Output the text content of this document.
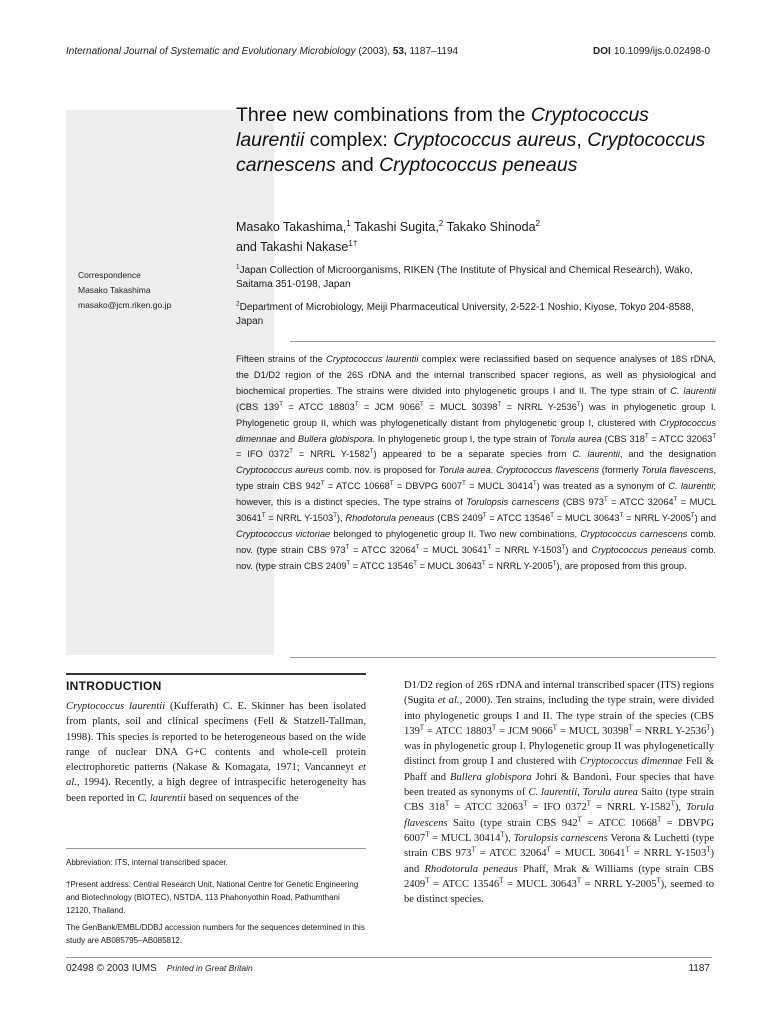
International Journal of Systematic and Evolutionary Microbiology (2003), 53, 1187–1194	DOI 10.1099/ijs.0.02498-0
Three new combinations from the Cryptococcus laurentii complex: Cryptococcus aureus, Cryptococcus carnescens and Cryptococcus peneaus
Masako Takashima,$^1$ Takashi Sugita,$^2$ Takako Shinoda$^2$
and Takashi Nakase$^{1\dagger}$
$^1$Japan Collection of Microorganisms, RIKEN (The Institute of Physical and Chemical Research), Wako, Saitama 351-0198, Japan
$^2$Department of Microbiology, Meiji Pharmaceutical University, 2-522-1 Noshio, Kiyose, Tokyo 204-8588, Japan
Correspondence
Masako Takashima
masako@jcm.riken.go.jp

Fifteen strains of the Cryptococcus laurentii complex were reclassified based on sequence analyses of 18S rDNA, the D1/D2 region of the 26S rDNA and the internal transcribed spacer regions, as well as physiological and biochemical properties. The strains were divided into phylogenetic groups I and II. The type strain of C. laurentii (CBS $139^T$ = ATCC $18803^T$ = JCM $9066^T$ = MUCL $30398^T$ = NRRL $Y-2536^T$) was in phylogenetic group I. Phylogenetic group II, which was phylogenetically distant from phylogenetic group I, clustered with Cryptococcus dimennae and Bullera globispora. In phylogenetic group I, the type strain of Torula aurea (CBS $318^T$ = ATCC $32063^T$ = IFO $0372^T$ = NRRL $Y-1582^T$) appeared to be a separate species from C. laurentii, and the designation Cryptococcus aureus comb. nov. is proposed for Torula aurea. Cryptococcus flavescens (formerly Torula flavescens, type strain CBS $942^T$ = ATCC $10668^T$ = DBVPG $6007^T$ = MUCL $30414^T$) was treated as a synonym of C. laurentii; however, this is a distinct species. The type strains of Torulopsis carnescens (CBS $973^T$ = ATCC $32064^T$ = MUCL $30641^T$ = NRRL $Y-1503^T$), Rhodotorula peneaus (CBS $2409^T$ = ATCC $13546^T$ = MUCL $30643^T$ = NRRL $Y-2005^T$) and Cryptococcus victoriae belonged to phylogenetic group II. Two new combinations, Cryptococcus carnescens comb. nov. (type strain CBS $973^T$ = ATCC $32064^T$ = MUCL $30641^T$ = NRRL $Y-1503^T$) and Cryptococcus peneaus comb. nov. (type strain CBS $2409^T$ = ATCC $13546^T$ = MUCL $30643^T$ = NRRL $Y-2005^T$), are proposed from this group.

INTRODUCTION

Cryptococcus laurentii (Kufferath) C. E. Skinner has been isolated from plants, soil and clinical specimens (Fell & Statzell-Tallman, 1998). This species is reported to be heterogeneous based on the wide range of nuclear DNA G+C contents and whole-cell protein electrophoretic patterns (Nakase & Komagata, 1971; Vancanneyt et al., 1994). Recently, a high degree of intraspecific heterogeneity has been reported in C. laurentii based on sequences of the

D1/D2 region of 26S rDNA and internal transcribed spacer (ITS) regions (Sugita et al., 2000). Ten strains, including the type strain, were divided into phylogenetic groups I and II. The type strain of the species (CBS $139^T$ = ATCC $18803^T$ = JCM $9066^T$ = MUCL $30398^T$ = NRRL $Y-2536^T$) was in phylogenetic group I. Phylogenetic group II was phylogenetically distinct from group I and clustered with Cryptococcus dimennae Fell & Phaff and Bullera globispora Johri & Bandoni. Four species that have been treated as synonyms of C. laurentii, Torula aurea Saito (type strain CBS $318^T$ = ATCC $32063^T$ = IFO $0372^T$ = NRRL $Y-1582^T$), Torula flavescens Saito (type strain CBS $942^T$ = ATCC $10668^T$ = DBVPG $6007^T$ = MUCL $30414^T$), Torulopsis carnescens Verona & Luchetti (type strain CBS $973^T$ = ATCC $32064^T$ = MUCL $30641^T$ = NRRL $Y-1503^T$) and Rhodotorula peneaus Phaff, Mrak & Williams (type strain CBS $2409^T$ = ATCC $13546^T$ = MUCL $30643^T$ = NRRL $Y-2005^T$), seemed to be distinct species.

Abbreviation: ITS, internal transcribed spacer.

†Present address: Central Research Unit, National Centre for Genetic Engineering and Biotechnology (BIOTEC), NSTDA, 113 Phahonyothin Road, Pathumthani 12120, Thailand.

The GenBank/EMBL/DDBJ accession numbers for the sequences determined in this study are AB085795–AB085812.

02498 © 2003 IUMS Printed in Great Britain	1187
